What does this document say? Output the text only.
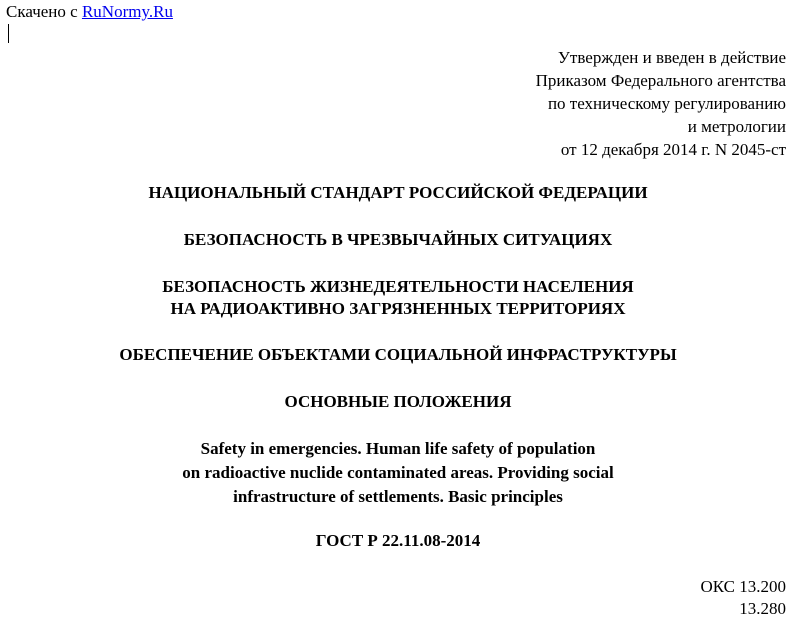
Скачено с RuNormy.Ru
Утвержден и введен в действие
Приказом Федерального агентства
по техническому регулированию
и метрологии
от 12 декабря 2014 г. N 2045-ст
НАЦИОНАЛЬНЫЙ СТАНДАРТ РОССИЙСКОЙ ФЕДЕРАЦИИ
БЕЗОПАСНОСТЬ В ЧРЕЗВЫЧАЙНЫХ СИТУАЦИЯХ
БЕЗОПАСНОСТЬ ЖИЗНЕДЕЯТЕЛЬНОСТИ НАСЕЛЕНИЯ
НА РАДИОАКТИВНО ЗАГРЯЗНЕННЫХ ТЕРРИТОРИЯХ
ОБЕСПЕЧЕНИЕ ОБЪЕКТАМИ СОЦИАЛЬНОЙ ИНФРАСТРУКТУРЫ
ОСНОВНЫЕ ПОЛОЖЕНИЯ
Safety in emergencies. Human life safety of population
on radioactive nuclide contaminated areas. Providing social
infrastructure of settlements. Basic principles
ГОСТ Р 22.11.08-2014
ОКС 13.200
13.280
